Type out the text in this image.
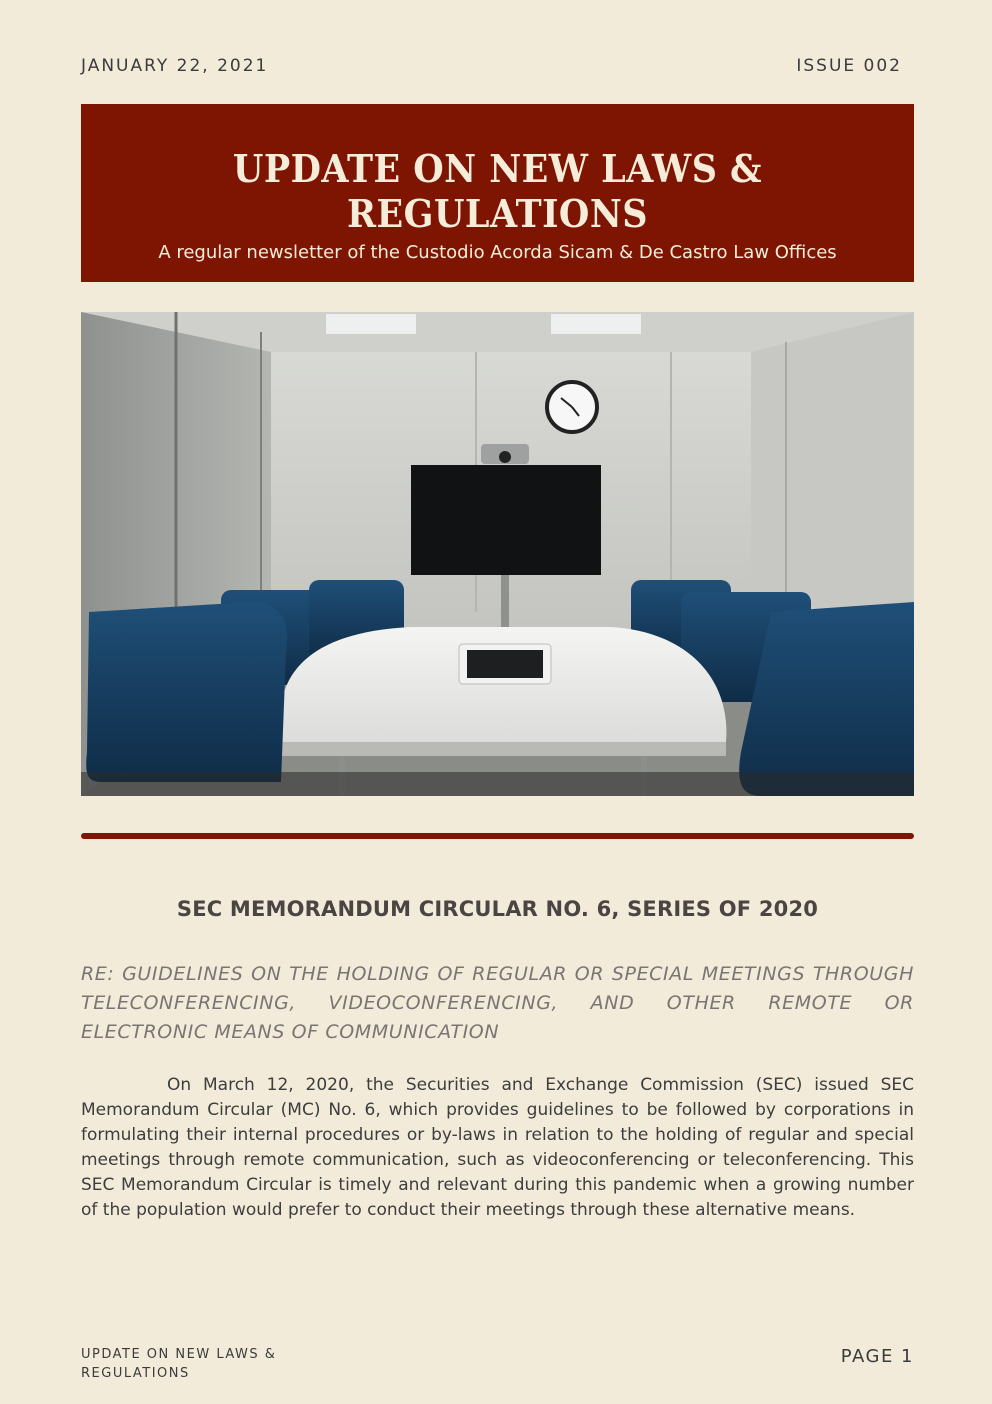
JANUARY 22, 2021	ISSUE 002
UPDATE ON NEW LAWS & REGULATIONS
A regular newsletter of the Custodio Acorda Sicam & De Castro Law Offices
SEC MEMORANDUM CIRCULAR NO. 6, SERIES OF 2020
RE: GUIDELINES ON THE HOLDING OF REGULAR OR SPECIAL MEETINGS THROUGH TELECONFERENCING, VIDEOCONFERENCING, AND OTHER REMOTE OR ELECTRONIC MEANS OF COMMUNICATION
On March 12, 2020, the Securities and Exchange Commission (SEC) issued SEC Memorandum Circular (MC) No. 6, which provides guidelines to be followed by corporations in formulating their internal procedures or by-laws in relation to the holding of regular and special meetings through remote communication, such as videoconferencing or teleconferencing. This SEC Memorandum Circular is timely and relevant during this pandemic when a growing number of the population would prefer to conduct their meetings through these alternative means.
UPDATE ON NEW LAWS & REGULATIONS
PAGE 1
